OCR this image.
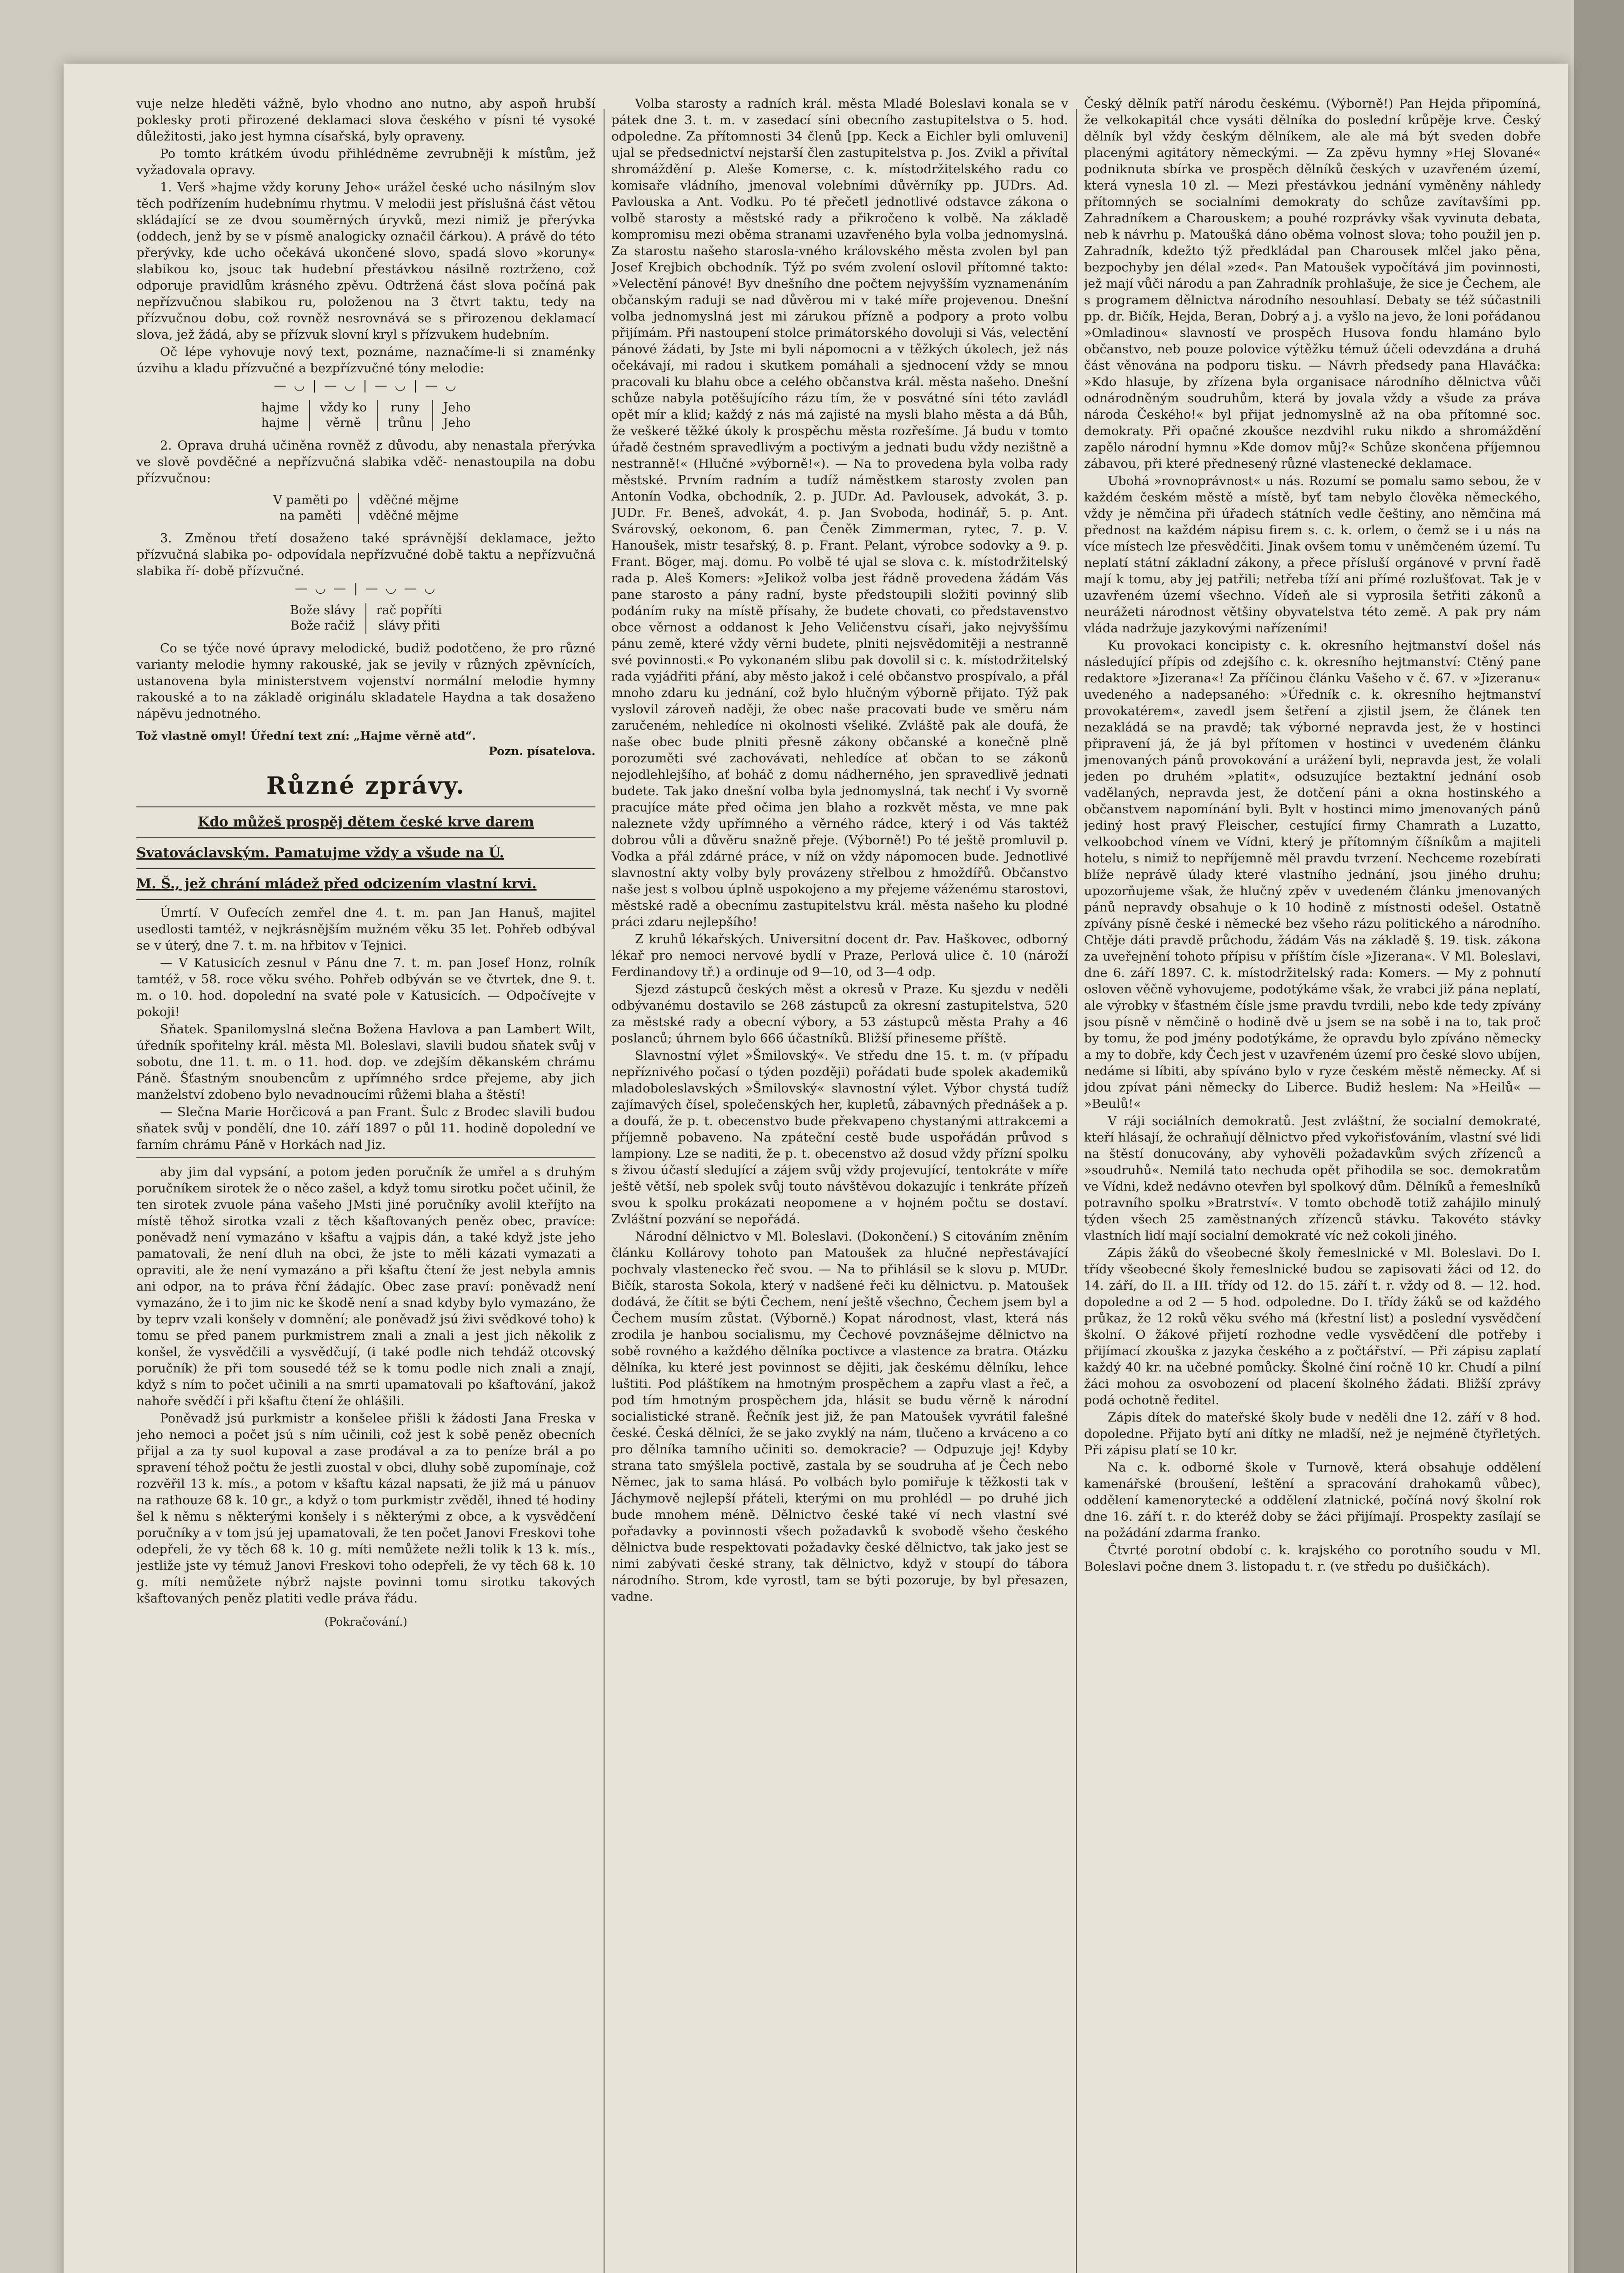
vuje nelze hleděti vážně, bylo vhodno ano nutno, aby aspoň hrubší poklesky proti přirozené deklamaci slova českého v písni té vysoké důležitosti, jako jest hymna císařská, byly opraveny.

Po tomto krátkém úvodu přihlédněme zevrubněji k místům, jež vyžadovala opravy.

1. Verš »hajme vždy koruny Jeho« urážel české ucho násilným slov těch podřízením hudebnímu rhytmu. V melodii jest příslušná část větou skládající se ze dvou souměrných úryvků, mezi nimiž je přerývka (oddech, jenž by se v písmě analogicky označil čárkou). A právě do této přerývky, kde ucho očekává ukončené slovo, spadá slovo »koruny« slabikou ko, jsouc tak hudební přestávkou násilně roztrženo, což odporuje pravidlům krásného zpěvu. Odtržená část slova počíná pak nepřízvučnou slabikou ru, položenou na 3 čtvrt taktu, tedy na přízvučnou dobu, což rovněž nesrovnává se s přirozenou deklamací slova, jež žádá, aby se přízvuk slovní kryl s přízvukem hudebním.

Oč lépe vyhovuje nový text, poznáme, naznačíme-li si znaménky úzvihu a kladu přízvučné a bezpřízvučné tóny melodie:

— ◡ | — ◡ | — ◡ | — ◡
hajme	vždy ko	runy	Jeho
hajme	věrně	trůnu	Jeho

2. Oprava druhá učiněna rovněž z důvodu, aby nenastala přerývka ve slově povděčné a nepřízvučná slabika vděč- nenastoupila na dobu přízvučnou:

V paměti po	vděčné mějme
na paměti	vděčné mějme

3. Změnou třetí dosaženo také správnější deklamace, ježto přízvučná slabika po- odpovídala nepřízvučné době taktu a nepřízvučná slabika ří- době přízvučné.

— ◡ — | — ◡ — ◡
Bože slávy	rač popříti
Bože račiž	slávy přiti

Co se týče nové úpravy melodické, budiž podotčeno, že pro různé varianty melodie hymny rakouské, jak se jevily v různých zpěvnících, ustanovena byla ministerstvem vojenství normální melodie hymny rakouské a to na základě originálu skladatele Haydna a tak dosaženo nápěvu jednotného.

Tož vlastně omyl! Úřední text zní: „Hajme věrně atd“.
Pozn. písatelova.
Různé zprávy.
Kdo můžeš prospěj dětem české krve darem
Svatováclavským. Pamatujme vždy a všude na Ú.
M. Š., jež chrání mládež před odcizením vlastní krvi.

Úmrtí. V Oufecích zemřel dne 4. t. m. pan Jan Hanuš, majitel usedlosti tamtéž, v nejkrásnějším mužném věku 35 let. Pohřeb odbýval se v úterý, dne 7. t. m. na hřbitov v Tejnici.

— V Katusicích zesnul v Pánu dne 7. t. m. pan Josef Honz, rolník tamtéž, v 58. roce věku svého. Pohřeb odbýván se ve čtvrtek, dne 9. t. m. o 10. hod. dopolední na svaté pole v Katusicích. — Odpočívejte v pokoji!

Sňatek. Spanilomyslná slečna Božena Havlova a pan Lambert Wilt, úředník spořitelny král. města Ml. Boleslavi, slavili budou sňatek svůj v sobotu, dne 11. t. m. o 11. hod. dop. ve zdejším děkanském chrámu Páně. Šťastným snoubencům z upřímného srdce přejeme, aby jich manželství zdobeno bylo nevadnoucími růžemi blaha a štěstí!

— Slečna Marie Horčicová a pan Frant. Šulc z Brodec slavili budou sňatek svůj v pondělí, dne 10. září 1897 o půl 11. hodině dopolední ve farním chrámu Páně v Horkách nad Jiz.

aby jim dal vypsání, a potom jeden poručník že umřel a s druhým poručníkem sirotek že o něco zašel, a když tomu sirotku počet učinil, že ten sirotek zvuole pána vašeho JMsti jiné poručníky avolil kteříjto na místě těhož sirotka vzali z těch kšaftovaných peněz obec, pravíce: poněvadž není vymazáno v kšaftu a vajpis dán, a také když jste jeho pamatovali, že není dluh na obci, že jste to měli kázati vymazati a opraviti, ale že není vymazáno a při kšaftu čtení že jest nebyla amnis ani odpor, na to práva řční žádajíc. Obec zase praví: poněvadž není vymazáno, že i to jim nic ke škodě není a snad kdyby bylo vymazáno, že by teprv vzali konšely v domnění; ale poněvadž jsú živi svědkové toho) k tomu se před panem purkmistrem znali a znali a jest jich několik z konšel, že vysvědčili a vysvědčují, (i také podle nich tehdáž otcovský poručník) že při tom sousedé též se k tomu podle nich znali a znají, když s ním to počet učinili a na smrti upamatovali po kšaftování, jakož nahoře svědčí i při kšaftu čtení že ohlášili.

Poněvadž jsú purkmistr a konšelee přišli k žádosti Jana Freska v jeho nemoci a počet jsú s ním učinili, což jest k sobě peněz obecních přijal a za ty suol kupoval a zase prodával a za to peníze brál a po spravení téhož počtu že jestli zuostal v obci, dluhy sobě zupomínaje, což rozvěřil 13 k. mís., a potom v kšaftu kázal napsati, že již má u pánuov na rathouze 68 k. 10 gr., a když o tom purkmistr zvěděl, ihned té hodiny šel k němu s některými konšely i s některými z obce, a k vysvědčení poručníky a v tom jsú jej upamatovali, že ten počet Janovi Freskovi tohe odepřeli, že vy těch 68 k. 10 g. míti nemůžete nežli tolik k 13 k. mís., jestliže jste vy témuž Janovi Freskovi toho odepřeli, že vy těch 68 k. 10 g. míti nemůžete nýbrž najste povinni tomu sirotku takových kšaftovaných peněz platiti vedle práva řádu.

(Pokračování.)

Volba starosty a radních král. města Mladé Boleslavi konala se v pátek dne 3. t. m. v zasedací síni obecního zastupitelstva o 5. hod. odpoledne. Za přítomnosti 34 členů [pp. Keck a Eichler byli omluveni] ujal se předsednictví nejstarší člen zastupitelstva p. Jos. Zvikl a přivítal shromáždění p. Aleše Komerse, c. k. místodržitelského radu co komisaře vládního, jmenoval volebními důvěrníky pp. JUDrs. Ad. Pavlouska a Ant. Vodku. Po té přečetl jednotlivé odstavce zákona o volbě starosty a městské rady a přikročeno k volbě. Na základě kompromisu mezi oběma stranami uzavřeného byla volba jednomyslná. Za starostu našeho starosla-vného královského města zvolen byl pan Josef Krejbich obchodník. Týž po svém zvolení oslovil přítomné takto: »Velectění pánové! Byv dnešního dne počtem nejvyšším vyznamenáním občanským raduji se nad důvěrou mi v také míře projevenou. Dnešní volba jednomyslná jest mi zárukou přízně a podpory a proto volbu přijímám. Při nastoupení stolce primátorského dovoluji si Vás, velectění pánové žádati, by Jste mi byli nápomocni a v těžkých úkolech, jež nás očekávají, mi radou i skutkem pomáhali a sjednocení vždy se mnou pracovali ku blahu obce a celého občanstva král. města našeho. Dnešní schůze nabyla potěšujícího rázu tím, že v posvátné síni této zavládl opět mír a klid; každý z nás má zajisté na mysli blaho města a dá Bůh, že veškeré těžké úkoly k prospěchu města rozřešíme. Já budu v tomto úřadě čestném spravedlivým a poctivým a jednati budu vždy nezištně a nestranně!« (Hlučné »výborně!«). — Na to provedena byla volba rady městské. Prvním radním a tudíž náměstkem starosty zvolen pan Antonín Vodka, obchodník, 2. p. JUDr. Ad. Pavlousek, advokát, 3. p. JUDr. Fr. Beneš, advokát, 4. p. Jan Svoboda, hodinář, 5. p. Ant. Svárovský, oekonom, 6. pan Čeněk Zimmerman, rytec, 7. p. V. Hanoušek, mistr tesařský, 8. p. Frant. Pelant, výrobce sodovky a 9. p. Frant. Böger, maj. domu. Po volbě té ujal se slova c. k. místodržitelský rada p. Aleš Komers: »Jelikož volba jest řádně provedena žádám Vás pane starosto a pány radní, byste předstoupili složiti povinný slib podáním ruky na místě přísahy, že budete chovati, co představenstvo obce věrnost a oddanost k Jeho Veličenstvu císaři, jako nejvyššímu pánu země, které vždy věrni budete, plniti nejsvědomitěji a nestranně své povinnosti.« Po vykonaném slibu pak dovolil si c. k. místodržitelský rada vyjádřiti přání, aby město jakož i celé občanstvo prospívalo, a přál mnoho zdaru ku jednání, což bylo hlučným výborně přijato. Týž pak vyslovil zároveň naději, že obec naše pracovati bude ve směru nám zaručeném, nehledíce ni okolnosti všeliké. Zvláště pak ale doufá, že naše obec bude plniti přesně zákony občanské a konečně plně porozuměti své zachovávati, nehledíce ať občan to se zákonů nejodlehlejšího, ať boháč z domu nádherného, jen spravedlivě jednati budete. Tak jako dnešní volba byla jednomyslná, tak nechť i Vy svorně pracujíce máte před očima jen blaho a rozkvět města, ve mne pak naleznete vždy upřímného a věrného rádce, který i od Vás taktéž dobrou vůli a důvěru snažně přeje. (Výborně!) Po té ještě promluvil p. Vodka a přál zdárné práce, v níž on vždy nápomocen bude. Jednotlivé slavnostní akty volby byly provázeny střelbou z hmoždířů. Občanstvo naše jest s volbou úplně uspokojeno a my přejeme váženému starostovi, městské radě a obecnímu zastupitelstvu král. města našeho ku plodné práci zdaru nejlepšího!

Z kruhů lékařských. Universitní docent dr. Pav. Haškovec, odborný lékař pro nemoci nervové bydlí v Praze, Perlová ulice č. 10 (nároží Ferdinandovy tř.) a ordinuje od 9—10, od 3—4 odp.

Sjezd zástupců českých měst a okresů v Praze. Ku sjezdu v neděli odbývanému dostavilo se 268 zástupců za okresní zastupitelstva, 520 za městské rady a obecní výbory, a 53 zástupců města Prahy a 46 poslanců; úhrnem bylo 666 účastníků. Bližší přineseme příště.

Slavnostní výlet »Šmilovský«. Ve středu dne 15. t. m. (v případu nepříznivého počasí o týden později) pořádati bude spolek akademiků mladoboleslavských »Šmilovský« slavnostní výlet. Výbor chystá tudíž zajímavých čísel, společenských her, kupletů, zábavných přednášek a p. a doufá, že p. t. obecenstvo bude překvapeno chystanými attrakcemi a příjemně pobaveno. Na zpáteční cestě bude uspořádán průvod s lampiony. Lze se naditi, že p. t. obecenstvo až dosud vždy přízní spolku s živou účastí sledující a zájem svůj vždy projevující, tentokráte v míře ještě větší, neb spolek svůj touto návštěvou dokazujíc i tenkráte přízeň svou k spolku prokázati neopomene a v hojném počtu se dostaví. Zvláštní pozvání se nepořádá.

Národní dělnictvo v Ml. Boleslavi. (Dokončení.) S citováním zněním článku Kollárovy tohoto pan Matoušek za hlučné nepřestávající pochvaly vlastenecko řeč svou. — Na to přihlásil se k slovu p. MUDr. Bičík, starosta Sokola, který v nadšené řeči ku dělnictvu. p. Matoušek dodává, že čítit se býti Čechem, není ještě všechno, Čechem jsem byl a Čechem musím zůstat. (Výborně.) Kopat národnost, vlast, která nás zrodila je hanbou socialismu, my Čechové povznášejme dělnictvo na sobě rovného a každého dělníka poctivce a vlastence za bratra. Otázku dělníka, ku které jest povinnost se dějiti, jak českému dělníku, lehce luštiti. Pod pláštíkem na hmotným prospěchem a zapřu vlast a řeč, a pod tím hmotným prospěchem jda, hlásit se budu věrně k národní socialistické straně. Řečník jest již, že pan Matoušek vyvrátil falešné české. Česká dělníci, že se jako zvyklý na nám, tlučeno a krváceno a co pro dělníka tamního učiniti so. demokracie? — Odpuzuje jej! Kdyby strana tato smýšlela poctivě, zastala by se soudruha ať je Čech nebo Němec, jak to sama hlásá. Po volbách bylo pomiřuje k těžkosti tak v Jáchymově nejlepší přáteli, kterými on mu prohlédl — po druhé jich bude mnohem méně. Dělnictvo české také ví nech vlastní své pořadavky a povinnosti všech požadavků k svobodě všeho českého dělnictva bude respektovati požadavky české dělnictvo, tak jako jest se nimi zabývati české strany, tak dělnictvo, když v stoupí do tábora národního. Strom, kde vyrostl, tam se býti pozoruje, by byl přesazen, vadne.

Český dělník patří národu českému. (Výborně!) Pan Hejda připomíná, že velkokapitál chce vysáti dělníka do poslední krůpěje krve. Český dělník byl vždy českým dělníkem, ale ale má být sveden dobře placenými agitátory německými. — Za zpěvu hymny »Hej Slované« podniknuta sbírka ve prospěch dělníků českých v uzavřeném území, která vynesla 10 zl. — Mezi přestávkou jednání vyměněny náhledy přítomných se socialními demokraty do schůze zavítavšími pp. Zahradníkem a Charouskem; a pouhé rozprávky však vyvinuta debata, neb k návrhu p. Matoušká dáno oběma volnost slova; toho použil jen p. Zahradník, kdežto týž předkládal pan Charousek mlčel jako pěna, bezpochyby jen délal »zed«. Pan Matoušek vypočítává jim povinnosti, jež mají vůči národu a pan Zahradník prohlašuje, že sice je Čechem, ale s programem dělnictva národního nesouhlasí. Debaty se též súčastnili pp. dr. Bičík, Hejda, Beran, Dobrý a j. a vyšlo na jevo, že loni pořádanou »Omladinou« slavností ve prospěch Husova fondu hlamáno bylo občanstvo, neb pouze polovice výtěžku témuž účeli odevzdána a druhá část věnována na podporu tisku. — Návrh předsedy pana Hlaváčka: »Kdo hlasuje, by zřízena byla organisace národního dělnictva vůči odnárodněným soudruhům, která by jovala vždy a všude za práva národa Českého!« byl přijat jednomyslně až na oba přítomné soc. demokraty. Při opačné zkoušce nezdvihl ruku nikdo a shromáždění zapělo národní hymnu »Kde domov můj?« Schůze skončena příjemnou zábavou, při které přednesený různé vlastenecké deklamace.

Ubohá »rovnoprávnost« u nás. Rozumí se pomalu samo sebou, že v každém českém městě a místě, byť tam nebylo člověka německého, vždy je němčina při úřadech státních vedle češtiny, ano němčina má přednost na každém nápisu firem s. c. k. orlem, o čemž se i u nás na více místech lze přesvědčiti. Jinak ovšem tomu v uněmčeném území. Tu neplatí státní základní zákony, a přece přísluší orgánové v první řadě mají k tomu, aby jej patřili; netřeba tíží ani přímé rozlušťovat. Tak je v uzavřeném území všechno. Vídeň ale si vyprosila šetřiti zákonů a neurážeti národnost většiny obyvatelstva této země. A pak pry nám vláda nadržuje jazykovými nařízeními!

Ku provokaci koncipisty c. k. okresního hejtmanství došel nás následující přípis od zdejšího c. k. okresního hejtmanství: Ctěný pane redaktore »Jizerana«! Za příčinou článku Vašeho v č. 67. v »Jizeranu« uvedeného a nadepsaného: »Úředník c. k. okresního hejtmanství provokatérem«, zavedl jsem šetření a zjistil jsem, že článek ten nezakládá se na pravdě; tak výborné nepravda jest, že v hostinci připravení já, že já byl přítomen v hostinci v uvedeném článku jmenovaných pánů provokování a urážení byli, nepravda jest, že volali jeden po druhém »platit«, odsuzujíce beztaktní jednání osob vadělaných, nepravda jest, že dotčení páni a okna hostinského a občanstvem napomínání byli. Bylt v hostinci mimo jmenovaných pánů jediný host pravý Fleischer, cestující firmy Chamrath a Luzatto, velkoobchod vínem ve Vídni, který je přítomným číšníkům a majiteli hotelu, s nimiž to nepříjemně měl pravdu tvrzení. Nechceme rozebírati blíže neprávě úlady které vlastního jednání, jsou jiného druhu; upozorňujeme však, že hlučný zpěv v uvedeném článku jmenovaných pánů nepravdy obsahuje o k 10 hodině z místnosti odešel. Ostatně zpívány písně české i německé bez všeho rázu politického a národního. Chtěje dáti pravdě průchodu, žádám Vás na základě §. 19. tisk. zákona za uveřejnění tohoto přípisu v příštím čísle »Jizerana«. V Ml. Boleslavi, dne 6. září 1897. C. k. místodržitelský rada: Komers. — My z pohnutí osloven věčně vyhovujeme, podotýkáme však, že vrabci již pána neplatí, ale výrobky v šťastném čísle jsme pravdu tvrdili, nebo kde tedy zpívány jsou písně v němčině o hodině dvě u jsem se na sobě i na to, tak proč by tomu, že pod jmény podotýkáme, že opravdu bylo zpíváno německy a my to dobře, kdy Čech jest v uzavřeném území pro české slovo ubíjen, nedáme si líbiti, aby spíváno bylo v ryze českém městě německy. Ať si jdou zpívat páni německy do Liberce. Budiž heslem: Na »Heilů« — »Beulů!«

V ráji sociálních demokratů. Jest zvláštní, že socialní demokraté, kteří hlásají, že ochraňují dělnictvo před vykořisťováním, vlastní své lidi na štěstí donucovány, aby vyhověli požadavkům svých zřízenců a »soudruhů«. Nemilá tato nechuda opět přihodila se soc. demokratům ve Vídni, kdež nedávno otevřen byl spolkový dům. Dělníků a řemeslníků potravního spolku »Bratrství«. V tomto obchodě totiž zahájilo minulý týden všech 25 zaměstnaných zřízenců stávku. Takovéto stávky vlastních lidí mají socialní demokraté víc než cokoli jiného.

Zápis žáků do všeobecné školy řemeslnické v Ml. Boleslavi. Do I. třídy všeobecné školy řemeslnické budou se zapisovati žáci od 12. do 14. září, do II. a III. třídy od 12. do 15. září t. r. vždy od 8. — 12. hod. dopoledne a od 2 — 5 hod. odpoledne. Do I. třídy žáků se od každého průkaz, že 12 roků věku svého má (křestní list) a poslední vysvědčení školní. O žákové přijetí rozhodne vedle vysvědčení dle potřeby i přijímací zkouška z jazyka českého a z počtářství. — Při zápisu zaplatí každý 40 kr. na učebné pomůcky. Školné činí ročně 10 kr. Chudí a pilní žáci mohou za osvobození od placení školného žádati. Bližší zprávy podá ochotně ředitel.

Zápis dítek do mateřské školy bude v neděli dne 12. září v 8 hod. dopoledne. Přijato bytí ani dítky ne mladší, než je nejméně čtyřletých. Při zápisu platí se 10 kr.

Na c. k. odborné škole v Turnově, která obsahuje oddělení kamenářské (broušení, leštění a spracování drahokamů vůbec), oddělení kamenorytecké a oddělení zlatnické, počíná nový školní rok dne 16. září t. r. do kteréž doby se žáci přijímají. Prospekty zasílají se na požádání zdarma franko.

Čtvrté porotní období c. k. krajského co porotního soudu v Ml. Boleslavi počne dnem 3. listopadu t. r. (ve středu po dušičkách).
